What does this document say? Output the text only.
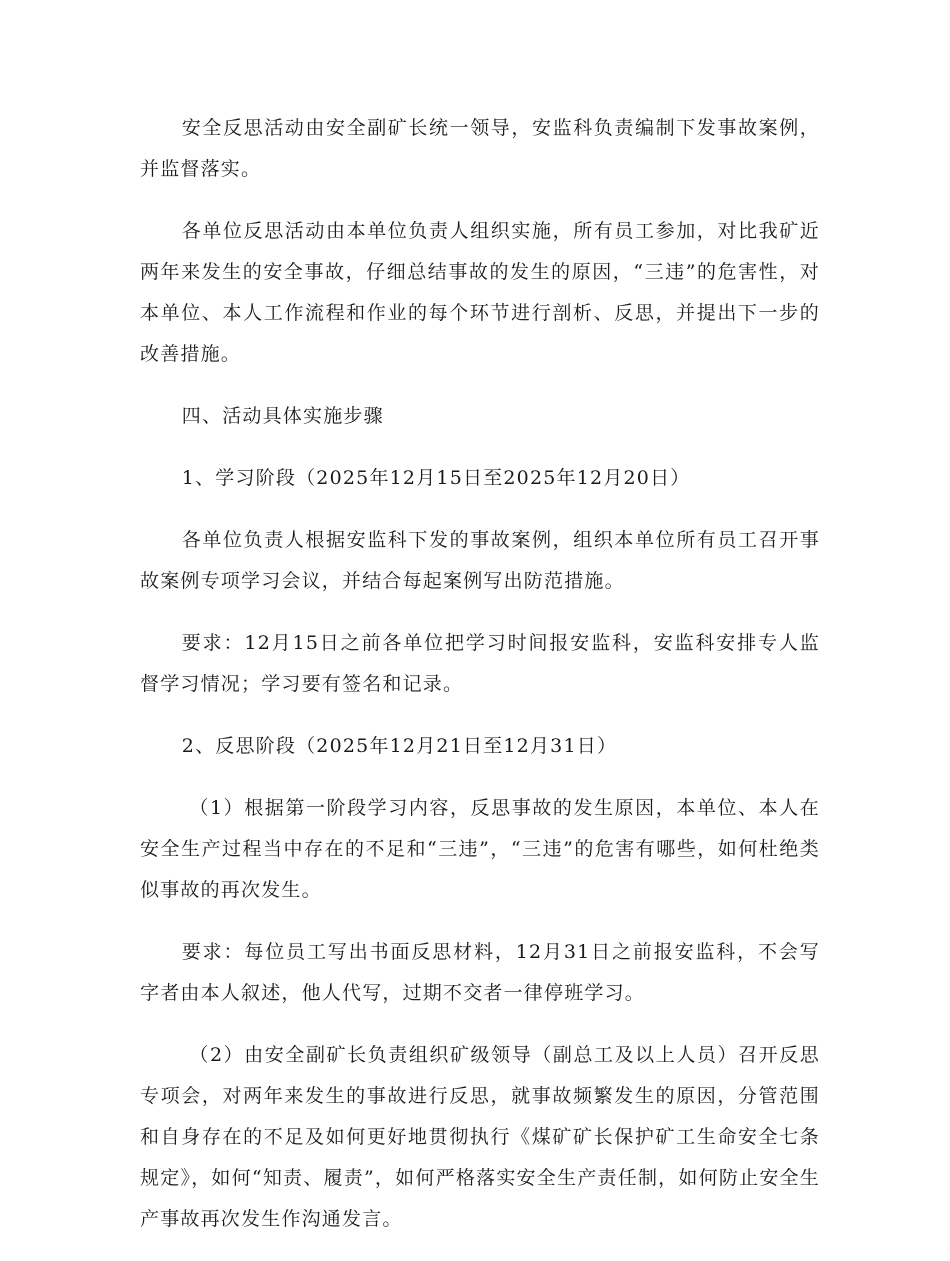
安全反思活动由安全副矿长统一领导，安监科负责编制下发事故案例，并监督落实。

各单位反思活动由本单位负责人组织实施，所有员工参加，对比我矿近两年来发生的安全事故，仔细总结事故的发生的原因，“三违”的危害性，对本单位、本人工作流程和作业的每个环节进行剖析、反思，并提出下一步的改善措施。

四、活动具体实施步骤

1、学习阶段（2025年12月15日至2025年12月20日）

各单位负责人根据安监科下发的事故案例，组织本单位所有员工召开事故案例专项学习会议，并结合每起案例写出防范措施。

要求：12月15日之前各单位把学习时间报安监科，安监科安排专人监督学习情况；学习要有签名和记录。

2、反思阶段（2025年12月21日至12月31日）

（1）根据第一阶段学习内容，反思事故的发生原因，本单位、本人在安全生产过程当中存在的不足和“三违”，“三违”的危害有哪些，如何杜绝类似事故的再次发生。

要求：每位员工写出书面反思材料，12月31日之前报安监科，不会写字者由本人叙述，他人代写，过期不交者一律停班学习。

（2）由安全副矿长负责组织矿级领导（副总工及以上人员）召开反思专项会，对两年来发生的事故进行反思，就事故频繁发生的原因，分管范围和自身存在的不足及如何更好地贯彻执行《煤矿矿长保护矿工生命安全七条规定》，如何“知责、履责”，如何严格落实安全生产责任制，如何防止安全生产事故再次发生作沟通发言。
